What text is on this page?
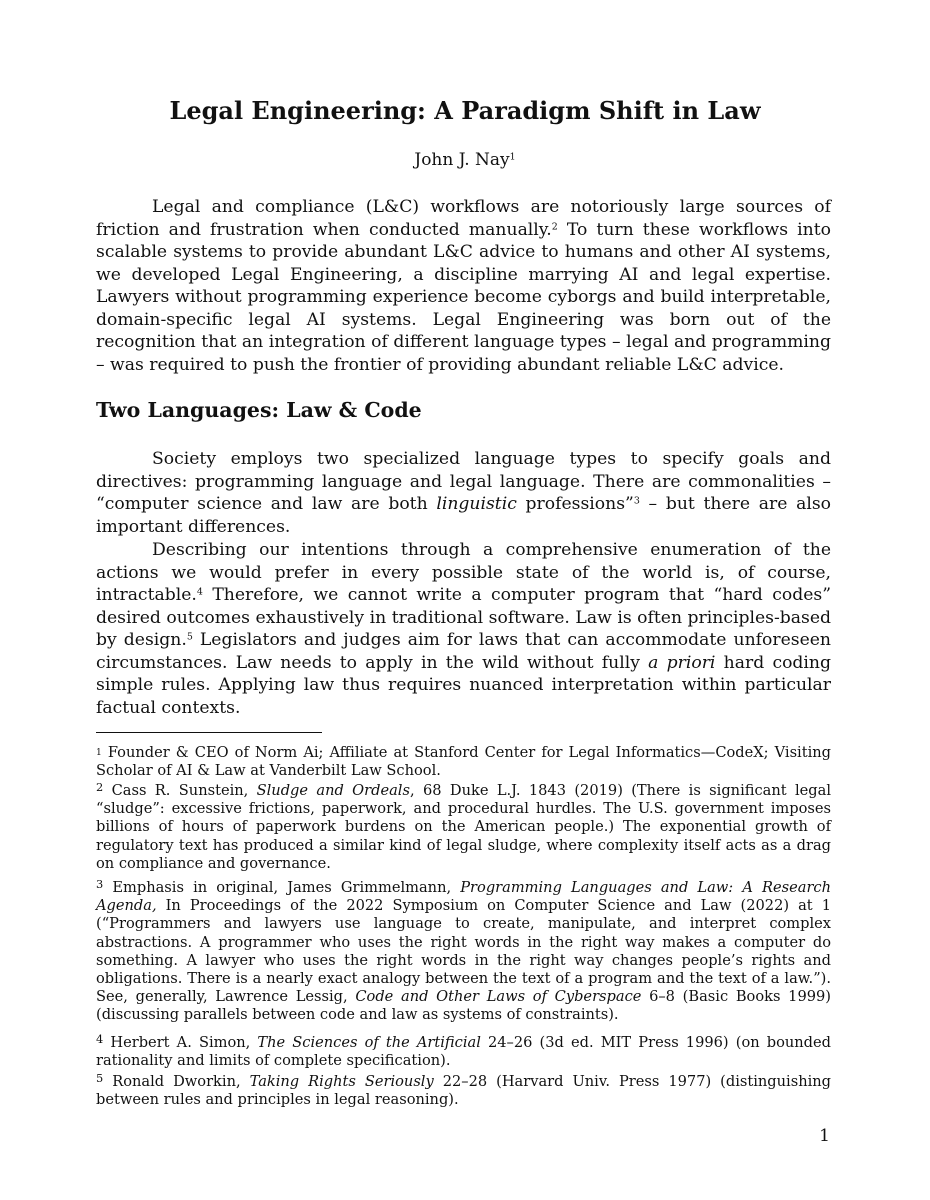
Legal Engineering: A Paradigm Shift in Law
John J. Nay$^1$

Legal and compliance (L&C) workflows are notoriously large sources of friction and frustration when conducted manually.$^2$ To turn these workflows into scalable systems to provide abundant L&C advice to humans and other AI systems, we developed Legal Engineering, a discipline marrying AI and legal expertise. Lawyers without programming experience become cyborgs and build interpretable, domain-specific legal AI systems. Legal Engineering was born out of the recognition that an integration of different language types – legal and programming – was required to push the frontier of providing abundant reliable L&C advice.

Two Languages: Law & Code

Society employs two specialized language types to specify goals and directives: programming language and legal language. There are commonalities – “computer science and law are both linguistic professions”$^3$ – but there are also important differences.

Describing our intentions through a comprehensive enumeration of the actions we would prefer in every possible state of the world is, of course, intractable.$^4$ Therefore, we cannot write a computer program that “hard codes” desired outcomes exhaustively in traditional software. Law is often principles-based by design.$^5$ Legislators and judges aim for laws that can accommodate unforeseen circumstances. Law needs to apply in the wild without fully a priori hard coding simple rules. Applying law thus requires nuanced interpretation within particular factual contexts.

1 Founder & CEO of Norm Ai; Affiliate at Stanford Center for Legal Informatics—CodeX; Visiting Scholar of AI & Law at Vanderbilt Law School.

$^2$ Cass R. Sunstein, Sludge and Ordeals, 68 Duke L.J. 1843 (2019) (There is significant legal “sludge”: excessive frictions, paperwork, and procedural hurdles. The U.S. government imposes billions of hours of paperwork burdens on the American people.) The exponential growth of regulatory text has produced a similar kind of legal sludge, where complexity itself acts as a drag on compliance and governance.

$^3$ Emphasis in original, James Grimmelmann, Programming Languages and Law: A Research Agenda, In Proceedings of the 2022 Symposium on Computer Science and Law (2022) at 1 (“Programmers and lawyers use language to create, manipulate, and interpret complex abstractions. A programmer who uses the right words in the right way makes a computer do something. A lawyer who uses the right words in the right way changes people’s rights and obligations. There is a nearly exact analogy between the text of a program and the text of a law.”). See, generally, Lawrence Lessig, Code and Other Laws of Cyberspace 6–8 (Basic Books 1999) (discussing parallels between code and law as systems of constraints).

$^4$ Herbert A. Simon, The Sciences of the Artificial 24–26 (3d ed. MIT Press 1996) (on bounded rationality and limits of complete specification).

$^5$ Ronald Dworkin, Taking Rights Seriously 22–28 (Harvard Univ. Press 1977) (distinguishing between rules and principles in legal reasoning).

1
